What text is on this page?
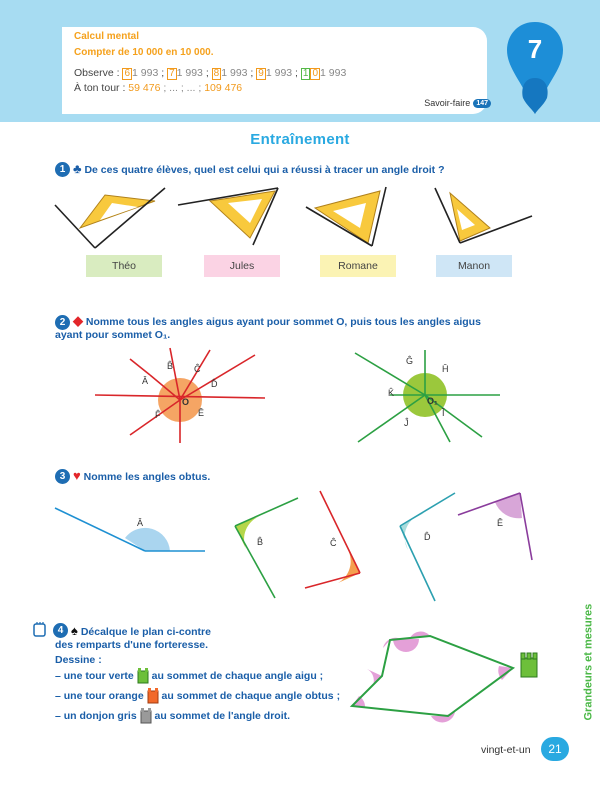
Calcul mental
Compter de 10 000 en 10 000.
Observe : 6 1 993 ; 7 1 993 ; 8 1 993 ; 9 1 993 ; 1 0 1 993
À ton tour : 59 476 ; ... ; ... ; 109 476
Savoir-faire 147
7
Entraînement
1 ♣ De ces quatre élèves, quel est celui qui a réussi à tracer un angle droit ?
Théo	Jules	Romane	Manon
2 ◆ Nomme tous les angles aigus ayant pour sommet O, puis tous les angles aigus
ayant pour sommet O₁.
B̂ Ĉ
Â	D̂
O
F̂	Ê
Ĝ
Ĥ
K̂
O₁
Ĵ
Î
3 ♥ Nomme les angles obtus.
Â
B̂	Ĉ
D̂
Ê
4 ♠ Décalque le plan ci-contre
des remparts d'une forteresse.
Dessine :
– une tour verte au sommet de chaque angle aigu ;
– une tour orange au sommet de chaque angle obtus ;
– un donjon gris au sommet de l'angle droit.	Grandeurs et mesures
vingt-et-un	21
